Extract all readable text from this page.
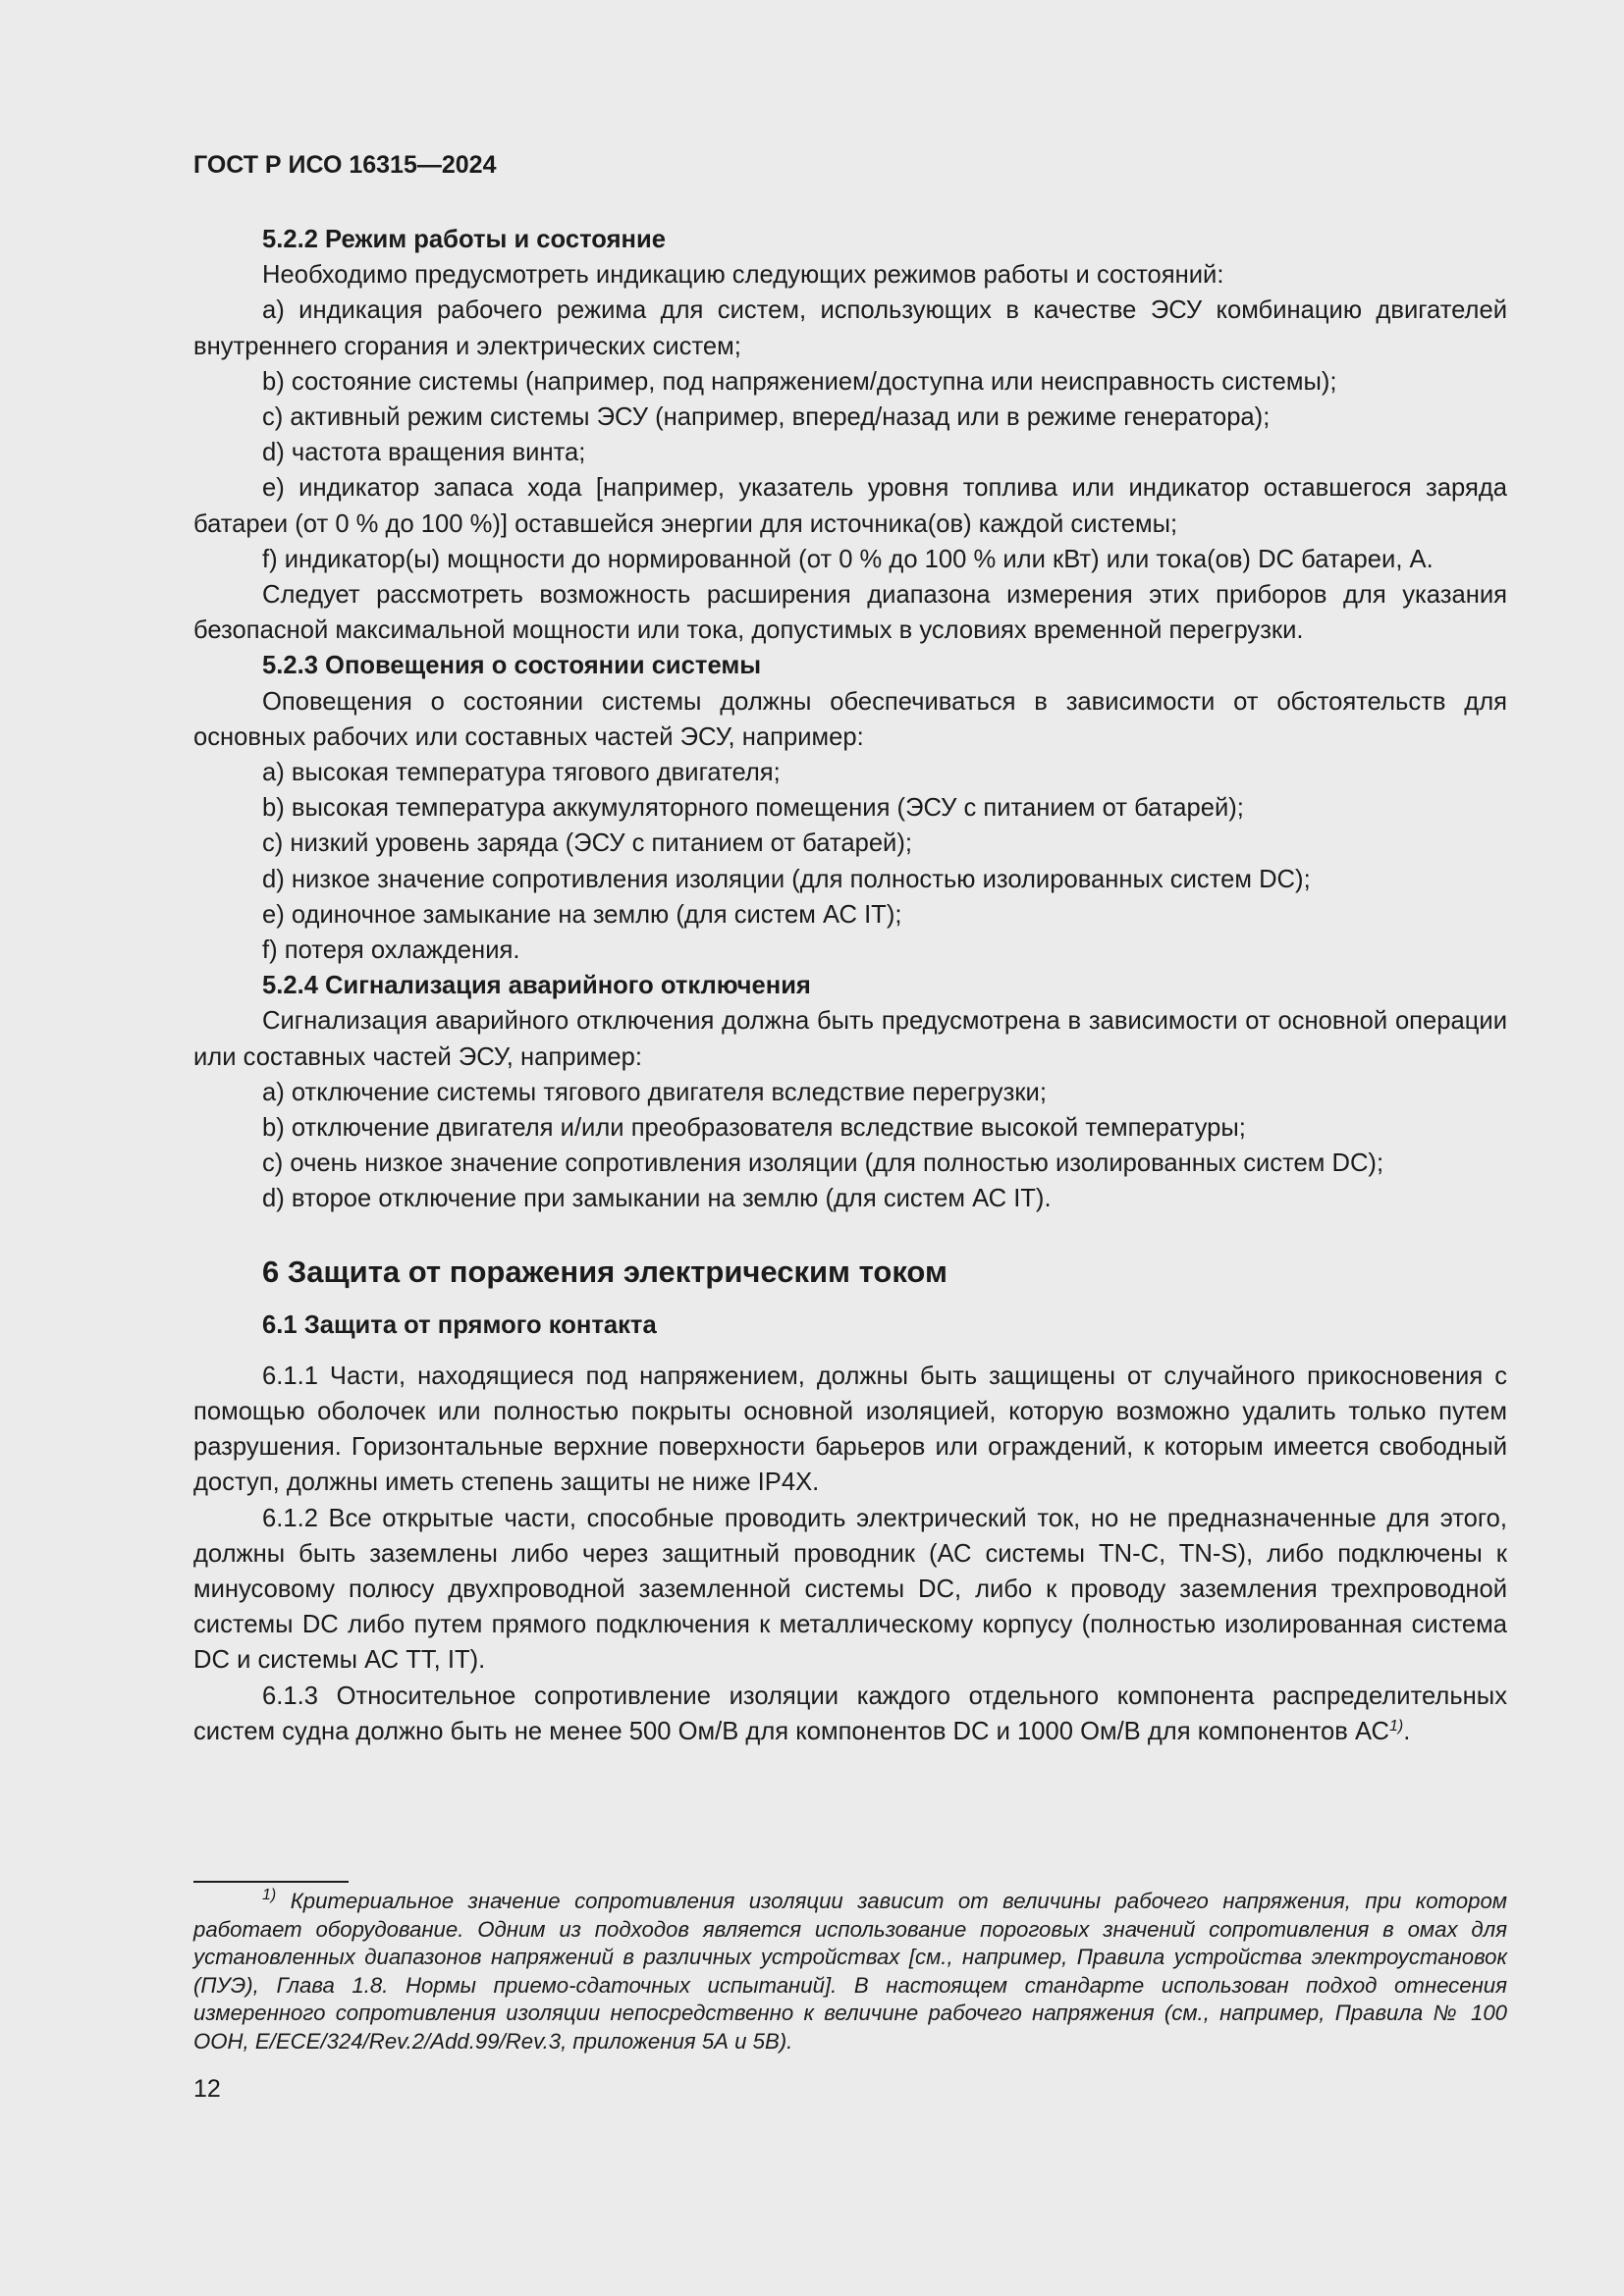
ГОСТ Р ИСО 16315—2024

5.2.2 Режим работы и состояние

Необходимо предусмотреть индикацию следующих режимов работы и состояний:

а) индикация рабочего режима для систем, использующих в качестве ЭСУ комбинацию двигателей внутреннего сгорания и электрических систем;

b) состояние системы (например, под напряжением/доступна или неисправность системы);

с) активный режим системы ЭСУ (например, вперед/назад или в режиме генератора);

d) частота вращения винта;

е) индикатор запаса хода [например, указатель уровня топлива или индикатор оставшегося заряда батареи (от 0 % до 100 %)] оставшейся энергии для источника(ов) каждой системы;

f) индикатор(ы) мощности до нормированной (от 0 % до 100 % или кВт) или тока(ов) DC батареи, А.

Следует рассмотреть возможность расширения диапазона измерения этих приборов для указания безопасной максимальной мощности или тока, допустимых в условиях временной перегрузки.

5.2.3 Оповещения о состоянии системы

Оповещения о состоянии системы должны обеспечиваться в зависимости от обстоятельств для основных рабочих или составных частей ЭСУ, например:

а) высокая температура тягового двигателя;

b) высокая температура аккумуляторного помещения (ЭСУ с питанием от батарей);

с) низкий уровень заряда (ЭСУ с питанием от батарей);

d) низкое значение сопротивления изоляции (для полностью изолированных систем DC);

е) одиночное замыкание на землю (для систем АС IT);

f) потеря охлаждения.

5.2.4 Сигнализация аварийного отключения

Сигнализация аварийного отключения должна быть предусмотрена в зависимости от основной операции или составных частей ЭСУ, например:

а) отключение системы тягового двигателя вследствие перегрузки;

b) отключение двигателя и/или преобразователя вследствие высокой температуры;

с) очень низкое значение сопротивления изоляции (для полностью изолированных систем DC);

d) второе отключение при замыкании на землю (для систем АС IT).

6 Защита от поражения электрическим током
6.1 Защита от прямого контакта

6.1.1 Части, находящиеся под напряжением, должны быть защищены от случайного прикосновения с помощью оболочек или полностью покрыты основной изоляцией, которую возможно удалить только путем разрушения. Горизонтальные верхние поверхности барьеров или ограждений, к которым имеется свободный доступ, должны иметь степень защиты не ниже IP4X.

6.1.2 Все открытые части, способные проводить электрический ток, но не предназначенные для этого, должны быть заземлены либо через защитный проводник (АС системы TN-C, TN-S), либо подключены к минусовому полюсу двухпроводной заземленной системы DC, либо к проводу заземления трехпроводной системы DC либо путем прямого подключения к металлическому корпусу (полностью изолированная система DC и системы АС ТТ, IT).

6.1.3 Относительное сопротивление изоляции каждого отдельного компонента распределительных систем судна должно быть не менее 500 Ом/В для компонентов DC и 1000 Ом/В для компонентов АС$^{1)}$.

$^{1)}$ Критериальное значение сопротивления изоляции зависит от величины рабочего напряжения, при котором работает оборудование. Одним из подходов является использование пороговых значений сопротивления в омах для установленных диапазонов напряжений в различных устройствах [см., например, Правила устройства электроустановок (ПУЭ), Глава 1.8. Нормы приемо-сдаточных испытаний]. В настоящем стандарте использован подход отнесения измеренного сопротивления изоляции непосредственно к величине рабочего напряжения (см., например, Правила № 100 ООН, E/ECE/324/Rev.2/Add.99/Rev.3, приложения 5А и 5В).

12
